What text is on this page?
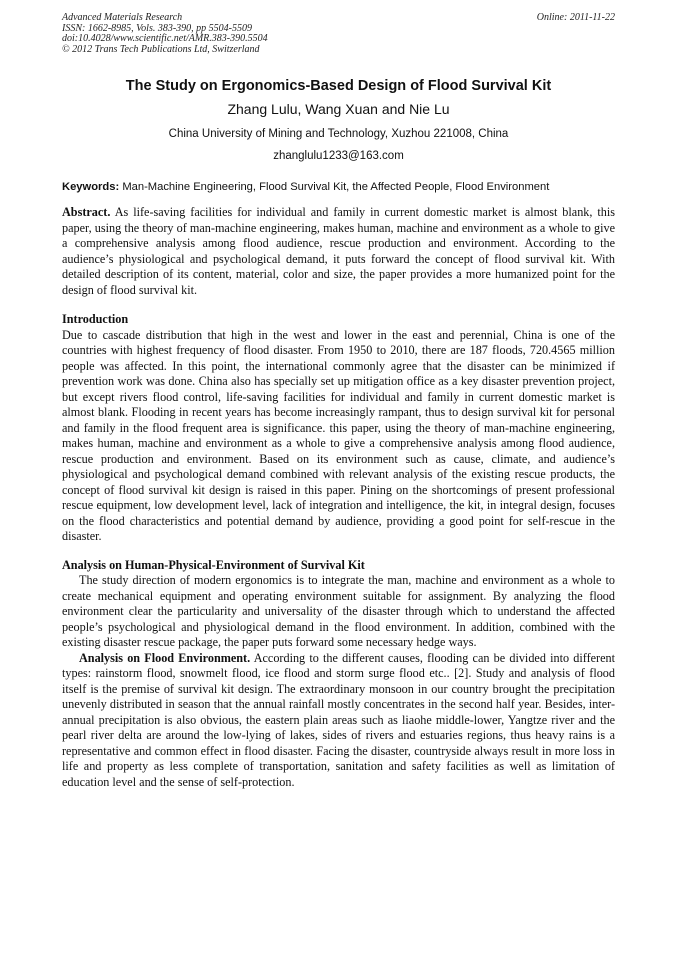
Advanced Materials Research
ISSN: 1662-8985, Vols. 383-390, pp 5504-5509
doi:10.4028/www.scientific.net/AMR.383-390.5504
© 2012 Trans Tech Publications Ltd, Switzerland
Online: 2011-11-22
The Study on Ergonomics-Based Design of Flood Survival Kit
Zhang Lulu, Wang Xuan and Nie Lu
China University of Mining and Technology, Xuzhou 221008, China
zhanglulu1233@163.com
Keywords: Man-Machine Engineering, Flood Survival Kit, the Affected People, Flood Environment

Abstract. As life-saving facilities for individual and family in current domestic market is almost blank, this paper, using the theory of man-machine engineering, makes human, machine and environment as a whole to give a comprehensive analysis among flood audience, rescue production and environment. According to the audience’s physiological and psychological demand, it puts forward the concept of flood survival kit. With detailed description of its content, material, color and size, the paper provides a more humanized point for the design of flood survival kit.

Introduction

Due to cascade distribution that high in the west and lower in the east and perennial, China is one of the countries with highest frequency of flood disaster. From 1950 to 2010, there are 187 floods, 720.4565 million people was affected. In this point, the international commonly agree that the disaster can be minimized if prevention work was done. China also has specially set up mitigation office as a key disaster prevention project, but except rivers flood control, life-saving facilities for individual and family in current domestic market is almost blank. Flooding in recent years has become increasingly rampant, thus to design survival kit for personal and family in the flood frequent area is significance. this paper, using the theory of man-machine engineering, makes human, machine and environment as a whole to give a comprehensive analysis among flood audience, rescue production and environment. Based on its environment such as cause, climate, and audience’s physiological and psychological demand combined with relevant analysis of the existing rescue products, the concept of flood survival kit design is raised in this paper. Pining on the shortcomings of present professional rescue equipment, low development level, lack of integration and intelligence, the kit, in integral design, focuses on the flood characteristics and potential demand by audience, providing a good point for self-rescue in the disaster.

Analysis on Human-Physical-Environment of Survival Kit

The study direction of modern ergonomics is to integrate the man, machine and environment as a whole to create mechanical equipment and operating environment suitable for assignment. By analyzing the flood environment clear the particularity and universality of the disaster through which to understand the affected people’s psychological and physiological demand in the flood environment. In addition, combined with the existing disaster rescue package, the paper puts forward some necessary hedge ways.

Analysis on Flood Environment. According to the different causes, flooding can be divided into different types: rainstorm flood, snowmelt flood, ice flood and storm surge flood etc.. [2]. Study and analysis of flood itself is the premise of survival kit design. The extraordinary monsoon in our country brought the precipitation unevenly distributed in season that the annual rainfall mostly concentrates in the second half year. Besides, inter-annual precipitation is also obvious, the eastern plain areas such as liaohe middle-lower, Yangtze river and the pearl river delta are around the low-lying of lakes, sides of rivers and estuaries regions, thus heavy rains is a representative and common effect in flood disaster. Facing the disaster, countryside always result in more loss in life and property as less complete of transportation, sanitation and safety facilities as well as limitation of education level and the sense of self-protection.
